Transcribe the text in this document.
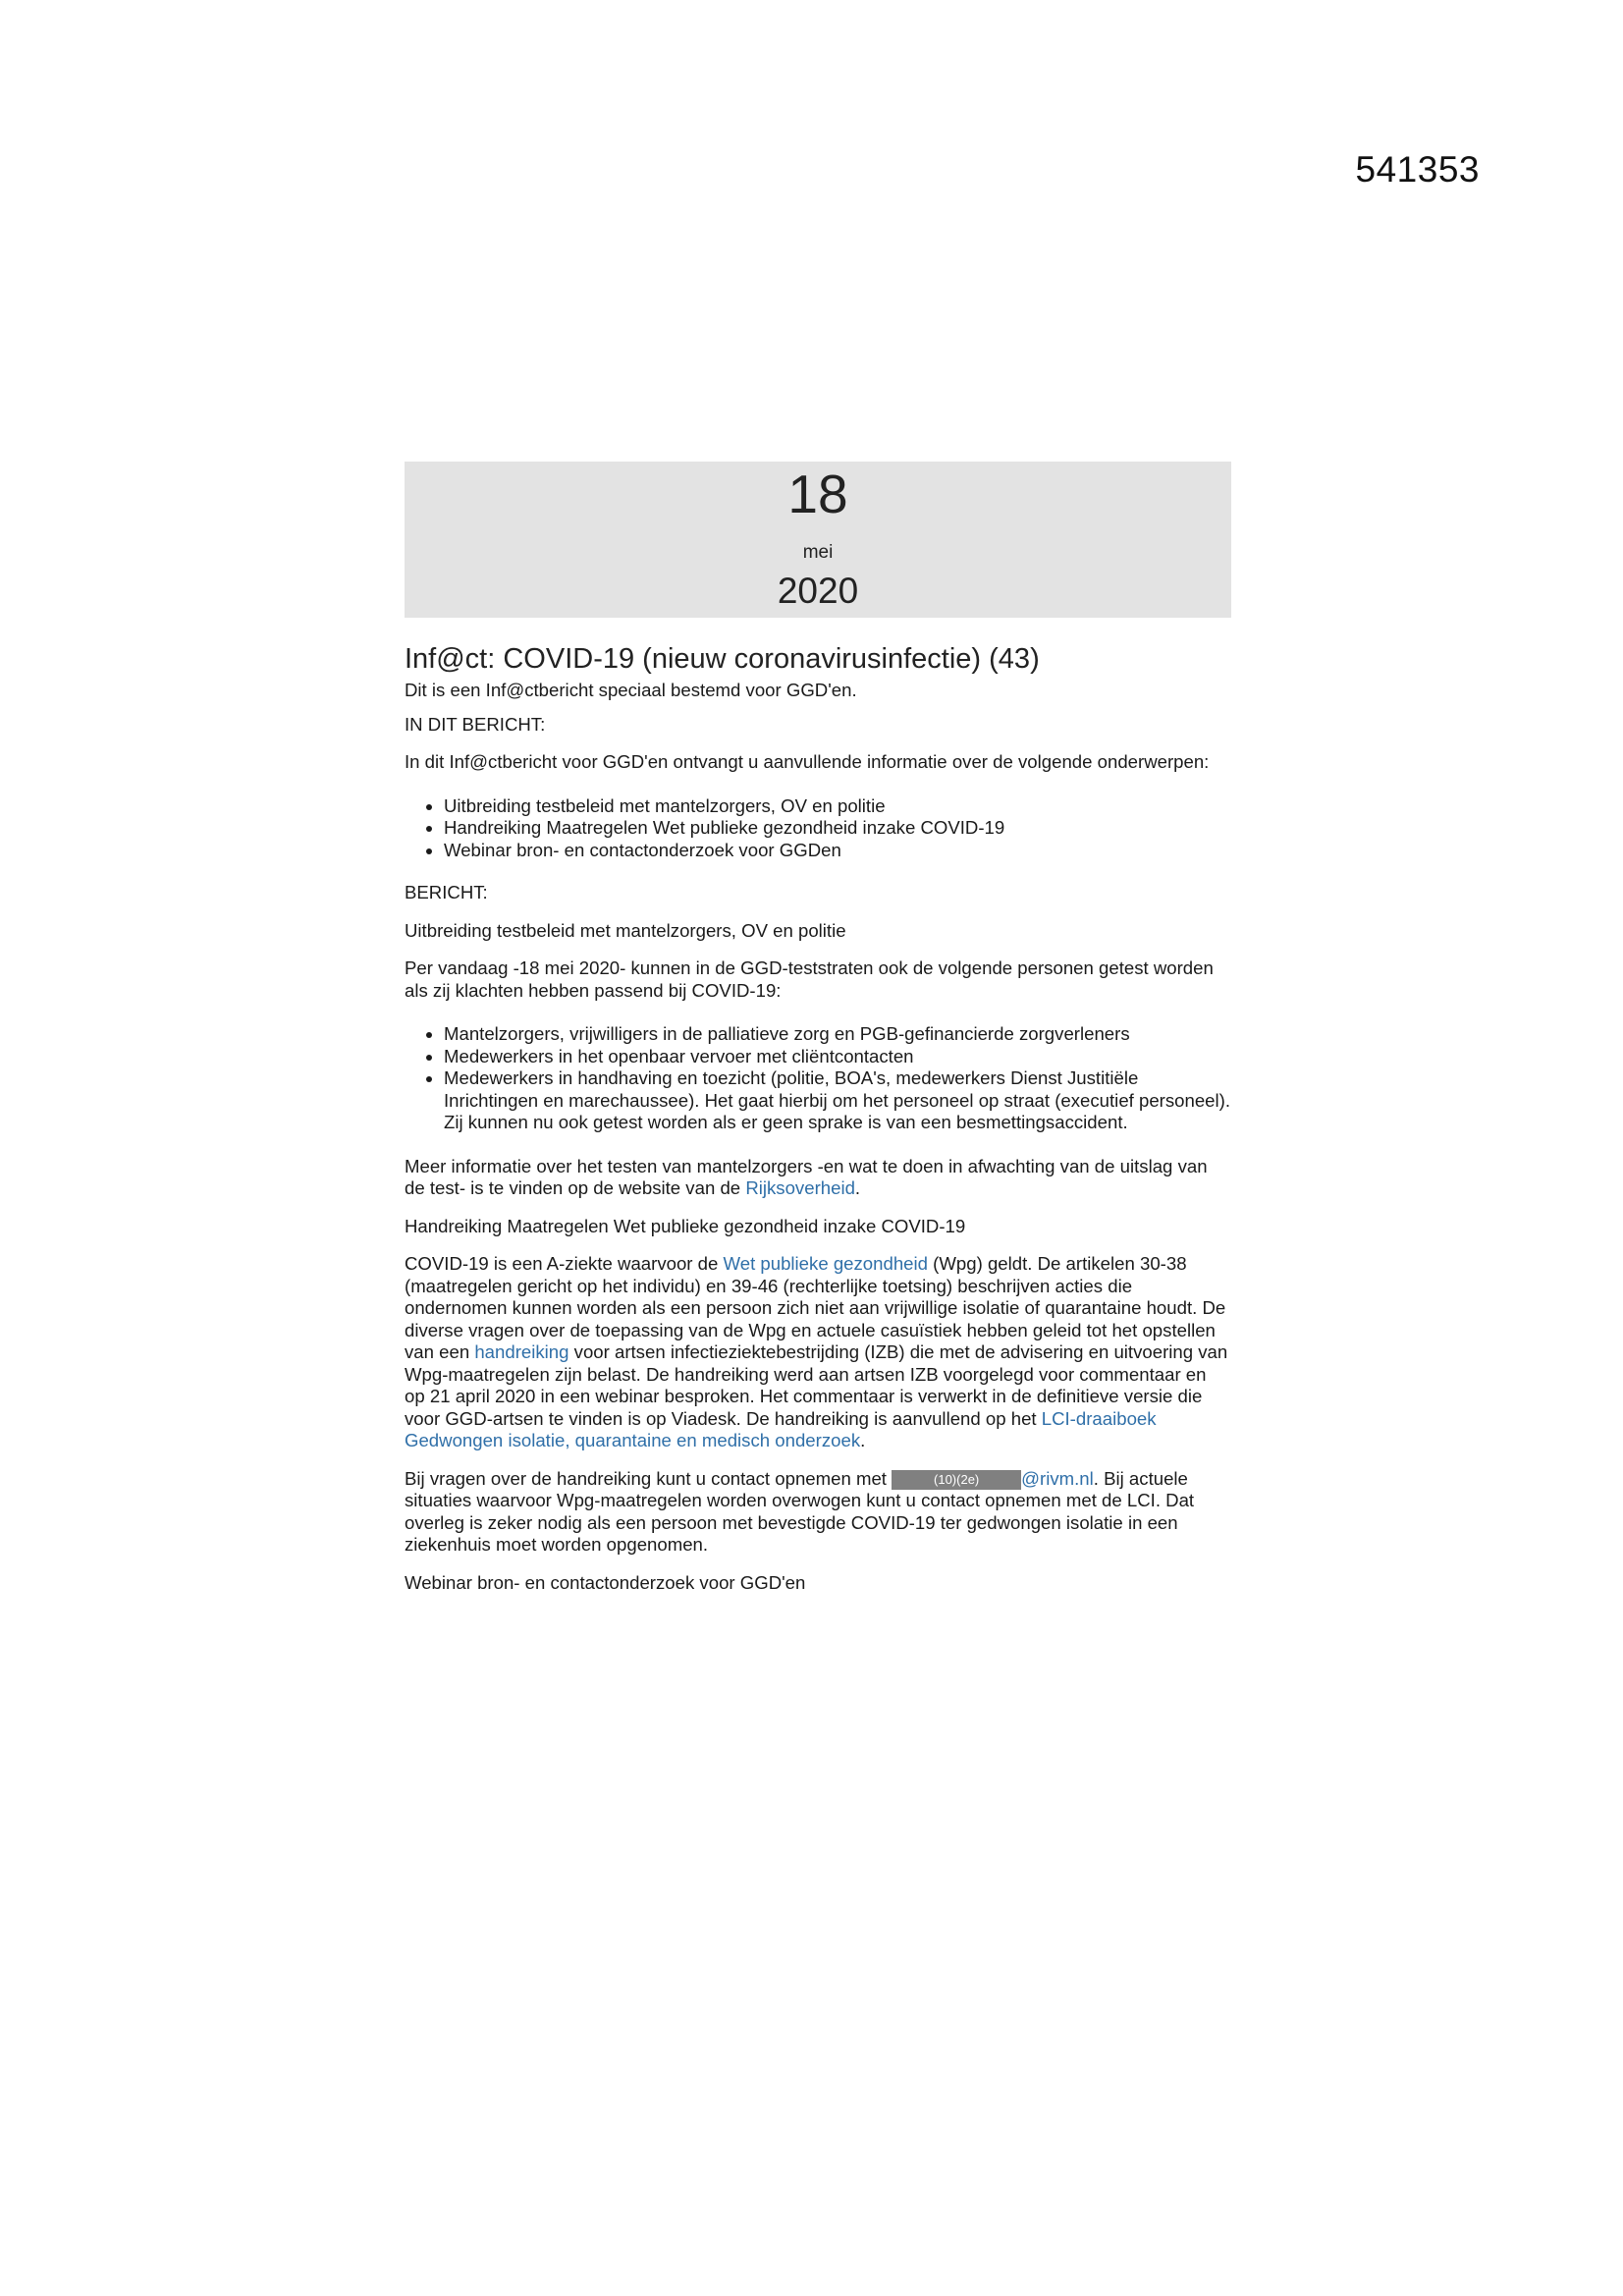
541353
18
mei
2020
Inf@ct: COVID-19 (nieuw coronavirusinfectie) (43)

Dit is een Inf@ctbericht speciaal bestemd voor GGD'en.

IN DIT BERICHT:

In dit Inf@ctbericht voor GGD'en ontvangt u aanvullende informatie over de volgende onderwerpen:

• Uitbreiding testbeleid met mantelzorgers, OV en politie
• Handreiking Maatregelen Wet publieke gezondheid inzake COVID-19
• Webinar bron- en contactonderzoek voor GGDen

BERICHT:

Uitbreiding testbeleid met mantelzorgers, OV en politie

Per vandaag -18 mei 2020- kunnen in de GGD-teststraten ook de volgende personen getest worden als zij klachten hebben passend bij COVID-19:

• Mantelzorgers, vrijwilligers in de palliatieve zorg en PGB-gefinancierde zorgverleners
• Medewerkers in het openbaar vervoer met cliëntcontacten
• Medewerkers in handhaving en toezicht (politie, BOA's, medewerkers Dienst Justitiële Inrichtingen en marechaussee). Het gaat hierbij om het personeel op straat (executief personeel). Zij kunnen nu ook getest worden als er geen sprake is van een besmettingsaccident.

Meer informatie over het testen van mantelzorgers -en wat te doen in afwachting van de uitslag van de test- is te vinden op de website van de Rijksoverheid.

Handreiking Maatregelen Wet publieke gezondheid inzake COVID-19

COVID-19 is een A-ziekte waarvoor de Wet publieke gezondheid (Wpg) geldt. De artikelen 30-38 (maatregelen gericht op het individu) en 39-46 (rechterlijke toetsing) beschrijven acties die ondernomen kunnen worden als een persoon zich niet aan vrijwillige isolatie of quarantaine houdt. De diverse vragen over de toepassing van de Wpg en actuele casuïstiek hebben geleid tot het opstellen van een handreiking voor artsen infectieziektebestrijding (IZB) die met de advisering en uitvoering van Wpg-maatregelen zijn belast. De handreiking werd aan artsen IZB voorgelegd voor commentaar en op 21 april 2020 in een webinar besproken. Het commentaar is verwerkt in de definitieve versie die voor GGD-artsen te vinden is op Viadesk. De handreiking is aanvullend op het LCI-draaiboek Gedwongen isolatie, quarantaine en medisch onderzoek.

Bij vragen over de handreiking kunt u contact opnemen met	(10)(2e) @rivm.nl. Bij actuele situaties waarvoor Wpg-maatregelen worden overwogen kunt u contact opnemen met de LCI. Dat overleg is zeker nodig als een persoon met bevestigde COVID-19 ter gedwongen isolatie in een ziekenhuis moet worden opgenomen.

Webinar bron- en contactonderzoek voor GGD'en
